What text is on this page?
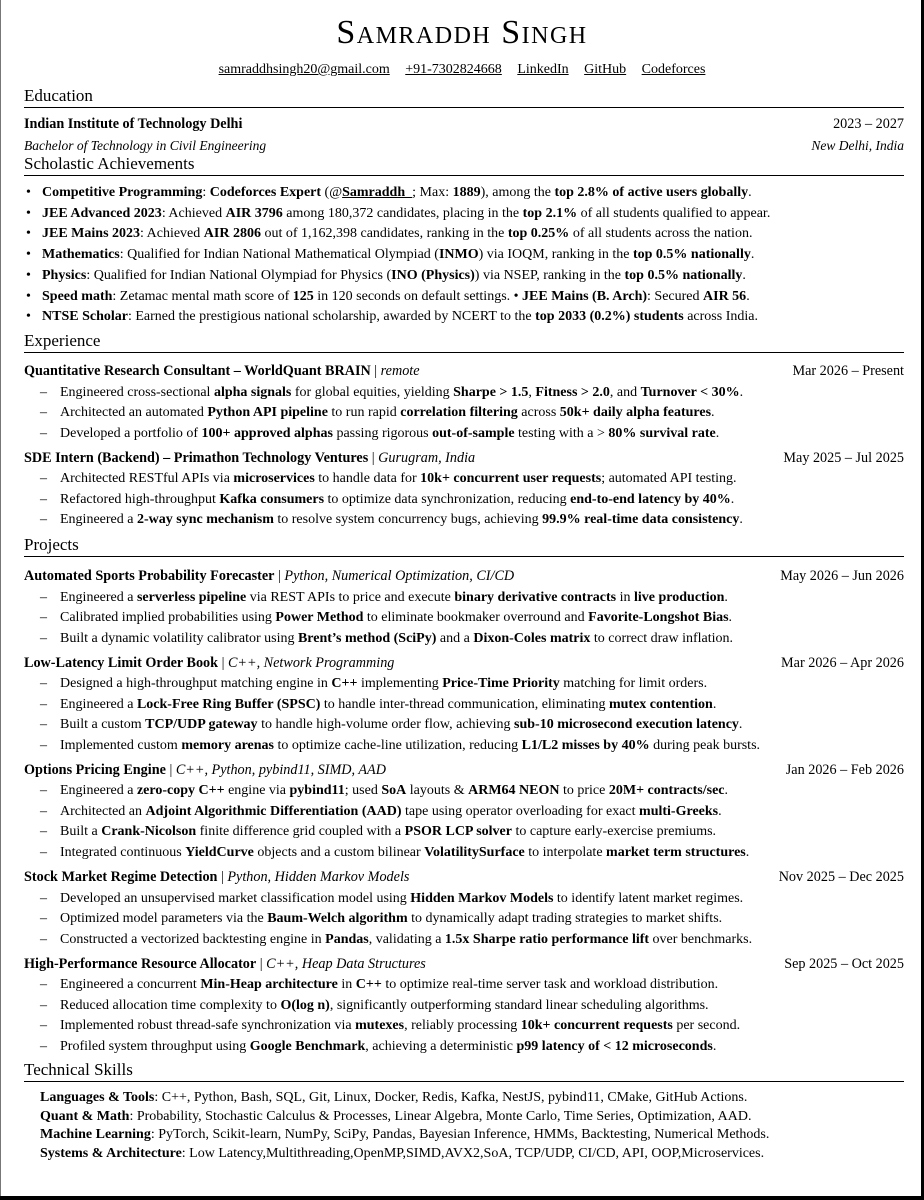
Samraddh Singh
samraddhsingh20@gmail.com +91-7302824668 LinkedIn GitHub Codeforces
Education
Indian Institute of Technology Delhi	2023 – 2027
Bachelor of Technology in Civil Engineering	New Delhi, India
Scholastic Achievements
• Competitive Programming: Codeforces Expert (@Samraddh_; Max: 1889), among the top 2.8% of active users globally.
• JEE Advanced 2023: Achieved AIR 3796 among 180,372 candidates, placing in the top 2.1% of all students qualified to appear.
• JEE Mains 2023: Achieved AIR 2806 out of 1,162,398 candidates, ranking in the top 0.25% of all students across the nation.
• Mathematics: Qualified for Indian National Mathematical Olympiad (INMO) via IOQM, ranking in the top 0.5% nationally.
• Physics: Qualified for Indian National Olympiad for Physics (INO (Physics)) via NSEP, ranking in the top 0.5% nationally.
• Speed math: Zetamac mental math score of 125 in 120 seconds on default settings. • JEE Mains (B. Arch): Secured AIR 56.
• NTSE Scholar: Earned the prestigious national scholarship, awarded by NCERT to the top 2033 (0.2%) students across India.
Experience
Quantitative Research Consultant – WorldQuant BRAIN | remote	Mar 2026 – Present
– Engineered cross-sectional alpha signals for global equities, yielding Sharpe > 1.5, Fitness > 2.0, and Turnover < 30%.
– Architected an automated Python API pipeline to run rapid correlation filtering across 50k+ daily alpha features.
– Developed a portfolio of 100+ approved alphas passing rigorous out-of-sample testing with a > 80% survival rate.
SDE Intern (Backend) – Primathon Technology Ventures | Gurugram, India	May 2025 – Jul 2025
– Architected RESTful APIs via microservices to handle data for 10k+ concurrent user requests; automated API testing.
– Refactored high-throughput Kafka consumers to optimize data synchronization, reducing end-to-end latency by 40%.
– Engineered a 2-way sync mechanism to resolve system concurrency bugs, achieving 99.9% real-time data consistency.
Projects
Automated Sports Probability Forecaster | Python, Numerical Optimization, CI/CD	May 2026 – Jun 2026
– Engineered a serverless pipeline via REST APIs to price and execute binary derivative contracts in live production.
– Calibrated implied probabilities using Power Method to eliminate bookmaker overround and Favorite-Longshot Bias.
– Built a dynamic volatility calibrator using Brent’s method (SciPy) and a Dixon-Coles matrix to correct draw inflation.
Low-Latency Limit Order Book | C++, Network Programming	Mar 2026 – Apr 2026
– Designed a high-throughput matching engine in C++ implementing Price-Time Priority matching for limit orders.
– Engineered a Lock-Free Ring Buffer (SPSC) to handle inter-thread communication, eliminating mutex contention.
– Built a custom TCP/UDP gateway to handle high-volume order flow, achieving sub-10 microsecond execution latency.
– Implemented custom memory arenas to optimize cache-line utilization, reducing L1/L2 misses by 40% during peak bursts.
Options Pricing Engine | C++, Python, pybind11, SIMD, AAD	Jan 2026 – Feb 2026
– Engineered a zero-copy C++ engine via pybind11; used SoA layouts & ARM64 NEON to price 20M+ contracts/sec.
– Architected an Adjoint Algorithmic Differentiation (AAD) tape using operator overloading for exact multi-Greeks.
– Built a Crank-Nicolson finite difference grid coupled with a PSOR LCP solver to capture early-exercise premiums.
– Integrated continuous YieldCurve objects and a custom bilinear VolatilitySurface to interpolate market term structures.
Stock Market Regime Detection | Python, Hidden Markov Models	Nov 2025 – Dec 2025
– Developed an unsupervised market classification model using Hidden Markov Models to identify latent market regimes.
– Optimized model parameters via the Baum-Welch algorithm to dynamically adapt trading strategies to market shifts.
– Constructed a vectorized backtesting engine in Pandas, validating a 1.5x Sharpe ratio performance lift over benchmarks.
High-Performance Resource Allocator | C++, Heap Data Structures	Sep 2025 – Oct 2025
– Engineered a concurrent Min-Heap architecture in C++ to optimize real-time server task and workload distribution.
– Reduced allocation time complexity to O(log n), significantly outperforming standard linear scheduling algorithms.
– Implemented robust thread-safe synchronization via mutexes, reliably processing 10k+ concurrent requests per second.
– Profiled system throughput using Google Benchmark, achieving a deterministic p99 latency of < 12 microseconds.
Technical Skills
Languages & Tools: C++, Python, Bash, SQL, Git, Linux, Docker, Redis, Kafka, NestJS, pybind11, CMake, GitHub Actions.
Quant & Math: Probability, Stochastic Calculus & Processes, Linear Algebra, Monte Carlo, Time Series, Optimization, AAD.
Machine Learning: PyTorch, Scikit-learn, NumPy, SciPy, Pandas, Bayesian Inference, HMMs, Backtesting, Numerical Methods.
Systems & Architecture: Low Latency,Multithreading,OpenMP,SIMD,AVX2,SoA, TCP/UDP, CI/CD, API, OOP,Microservices.
